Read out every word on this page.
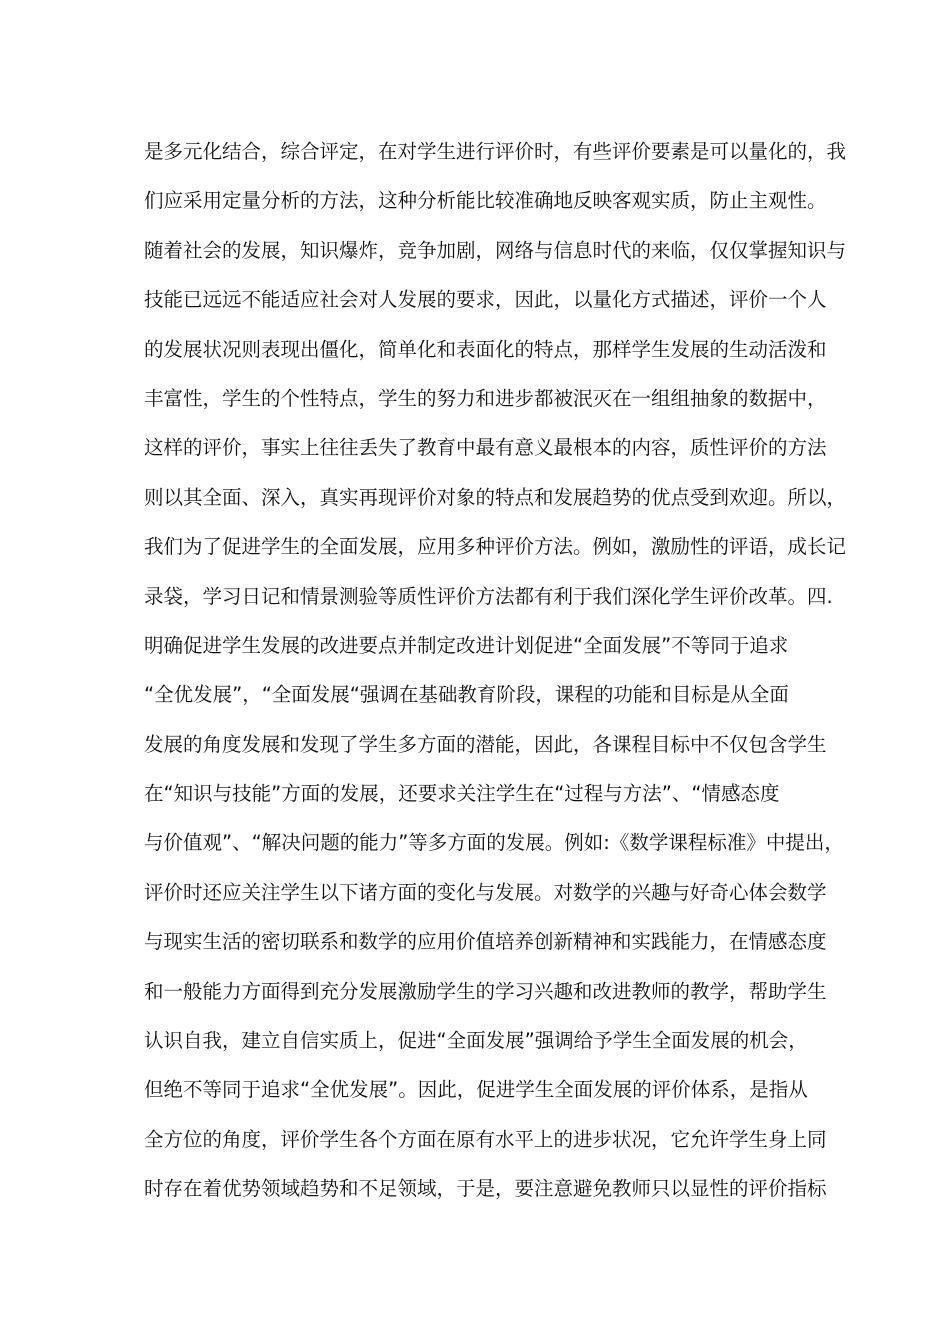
是多元化结合，综合评定，在对学生进行评价时，有些评价要素是可以量化的，我
们应采用定量分析的方法，这种分析能比较准确地反映客观实质，防止主观性。
随着社会的发展，知识爆炸，竞争加剧，网络与信息时代的来临，仅仅掌握知识与
技能已远远不能适应社会对人发展的要求，因此，以量化方式描述，评价一个人
的发展状况则表现出僵化，简单化和表面化的特点，那样学生发展的生动活泼和
丰富性，学生的个性特点，学生的努力和进步都被泯灭在一组组抽象的数据中，
这样的评价，事实上往往丢失了教育中最有意义最根本的内容，质性评价的方法
则以其全面、深入，真实再现评价对象的特点和发展趋势的优点受到欢迎。所以，
我们为了促进学生的全面发展，应用多种评价方法。例如，激励性的评语，成长记
录袋，学习日记和情景测验等质性评价方法都有利于我们深化学生评价改革。四.
明确促进学生发展的改进要点并制定改进计划促进“全面发展”不等同于追求
“全优发展”，“全面发展“强调在基础教育阶段，课程的功能和目标是从全面
发展的角度发展和发现了学生多方面的潜能，因此，各课程目标中不仅包含学生
在“知识与技能”方面的发展，还要求关注学生在“过程与方法”、“情感态度
与价值观”、“解决问题的能力”等多方面的发展。例如:《数学课程标准》中提出，
评价时还应关注学生以下诸方面的变化与发展。对数学的兴趣与好奇心体会数学
与现实生活的密切联系和数学的应用价值培养创新精神和实践能力，在情感态度
和一般能力方面得到充分发展激励学生的学习兴趣和改进教师的教学，帮助学生
认识自我，建立自信实质上，促进“全面发展”强调给予学生全面发展的机会，
但绝不等同于追求“全优发展”。因此，促进学生全面发展的评价体系，是指从
全方位的角度，评价学生各个方面在原有水平上的进步状况，它允许学生身上同
时存在着优势领域趋势和不足领域，于是，要注意避免教师只以显性的评价指标
